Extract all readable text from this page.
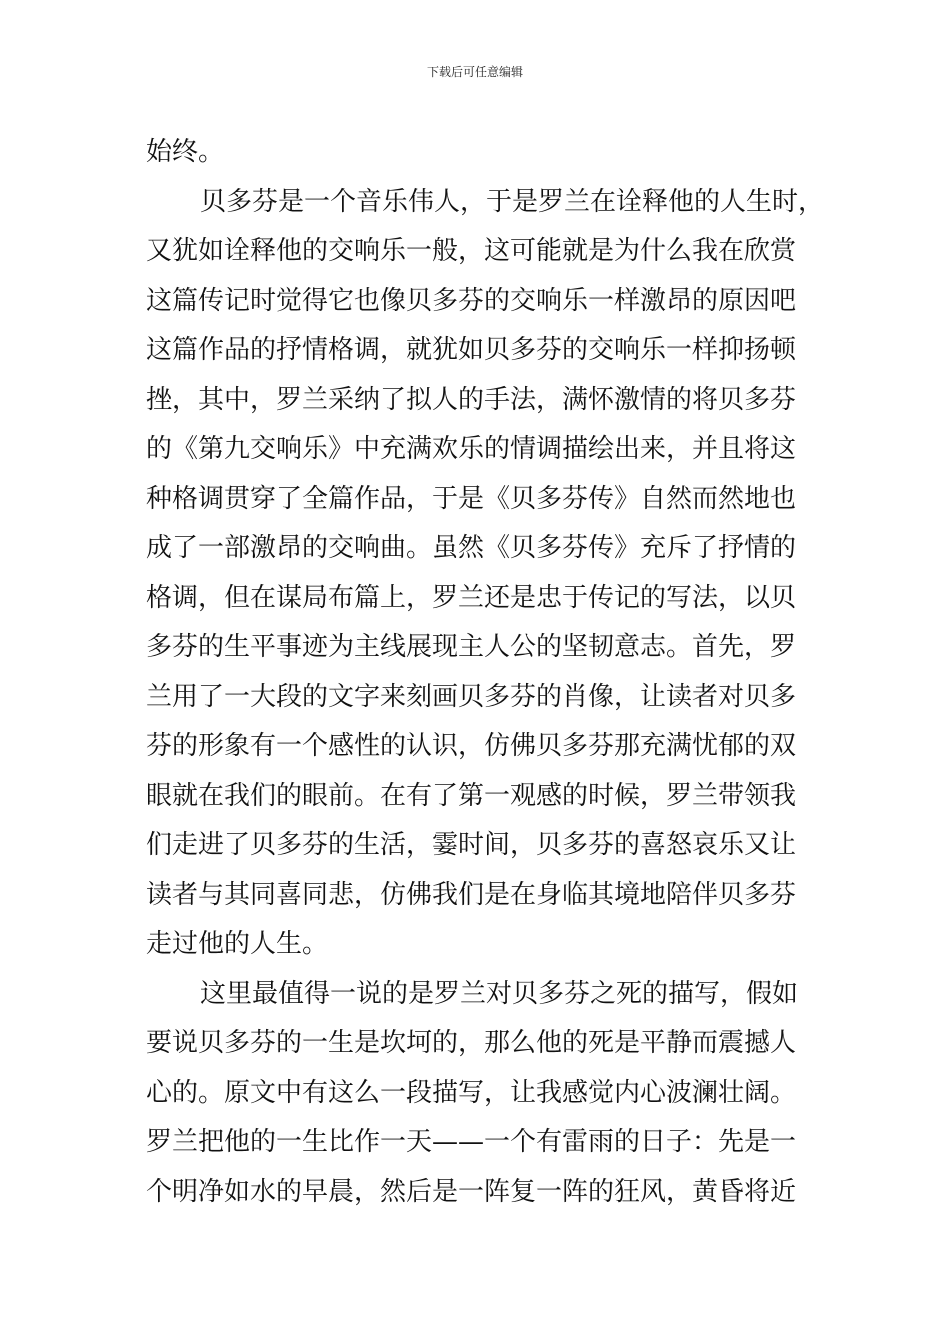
下载后可任意编辑
始终。
贝多芬是一个音乐伟人，于是罗兰在诠释他的人生时，
又犹如诠释他的交响乐一般，这可能就是为什么我在欣赏
这篇传记时觉得它也像贝多芬的交响乐一样激昂的原因吧
这篇作品的抒情格调，就犹如贝多芬的交响乐一样抑扬顿
挫，其中，罗兰采纳了拟人的手法，满怀激情的将贝多芬
的《第九交响乐》中充满欢乐的情调描绘出来，并且将这
种格调贯穿了全篇作品，于是《贝多芬传》自然而然地也
成了一部激昂的交响曲。虽然《贝多芬传》充斥了抒情的
格调，但在谋局布篇上，罗兰还是忠于传记的写法，以贝
多芬的生平事迹为主线展现主人公的坚韧意志。首先，罗
兰用了一大段的文字来刻画贝多芬的肖像，让读者对贝多
芬的形象有一个感性的认识，仿佛贝多芬那充满忧郁的双
眼就在我们的眼前。在有了第一观感的时候，罗兰带领我
们走进了贝多芬的生活，霎时间，贝多芬的喜怒哀乐又让
读者与其同喜同悲，仿佛我们是在身临其境地陪伴贝多芬
走过他的人生。
这里最值得一说的是罗兰对贝多芬之死的描写，假如
要说贝多芬的一生是坎坷的，那么他的死是平静而震撼人
心的。原文中有这么一段描写，让我感觉内心波澜壮阔。
罗兰把他的一生比作一天——一个有雷雨的日子：先是一
个明净如水的早晨，然后是一阵复一阵的狂风，黄昏将近
